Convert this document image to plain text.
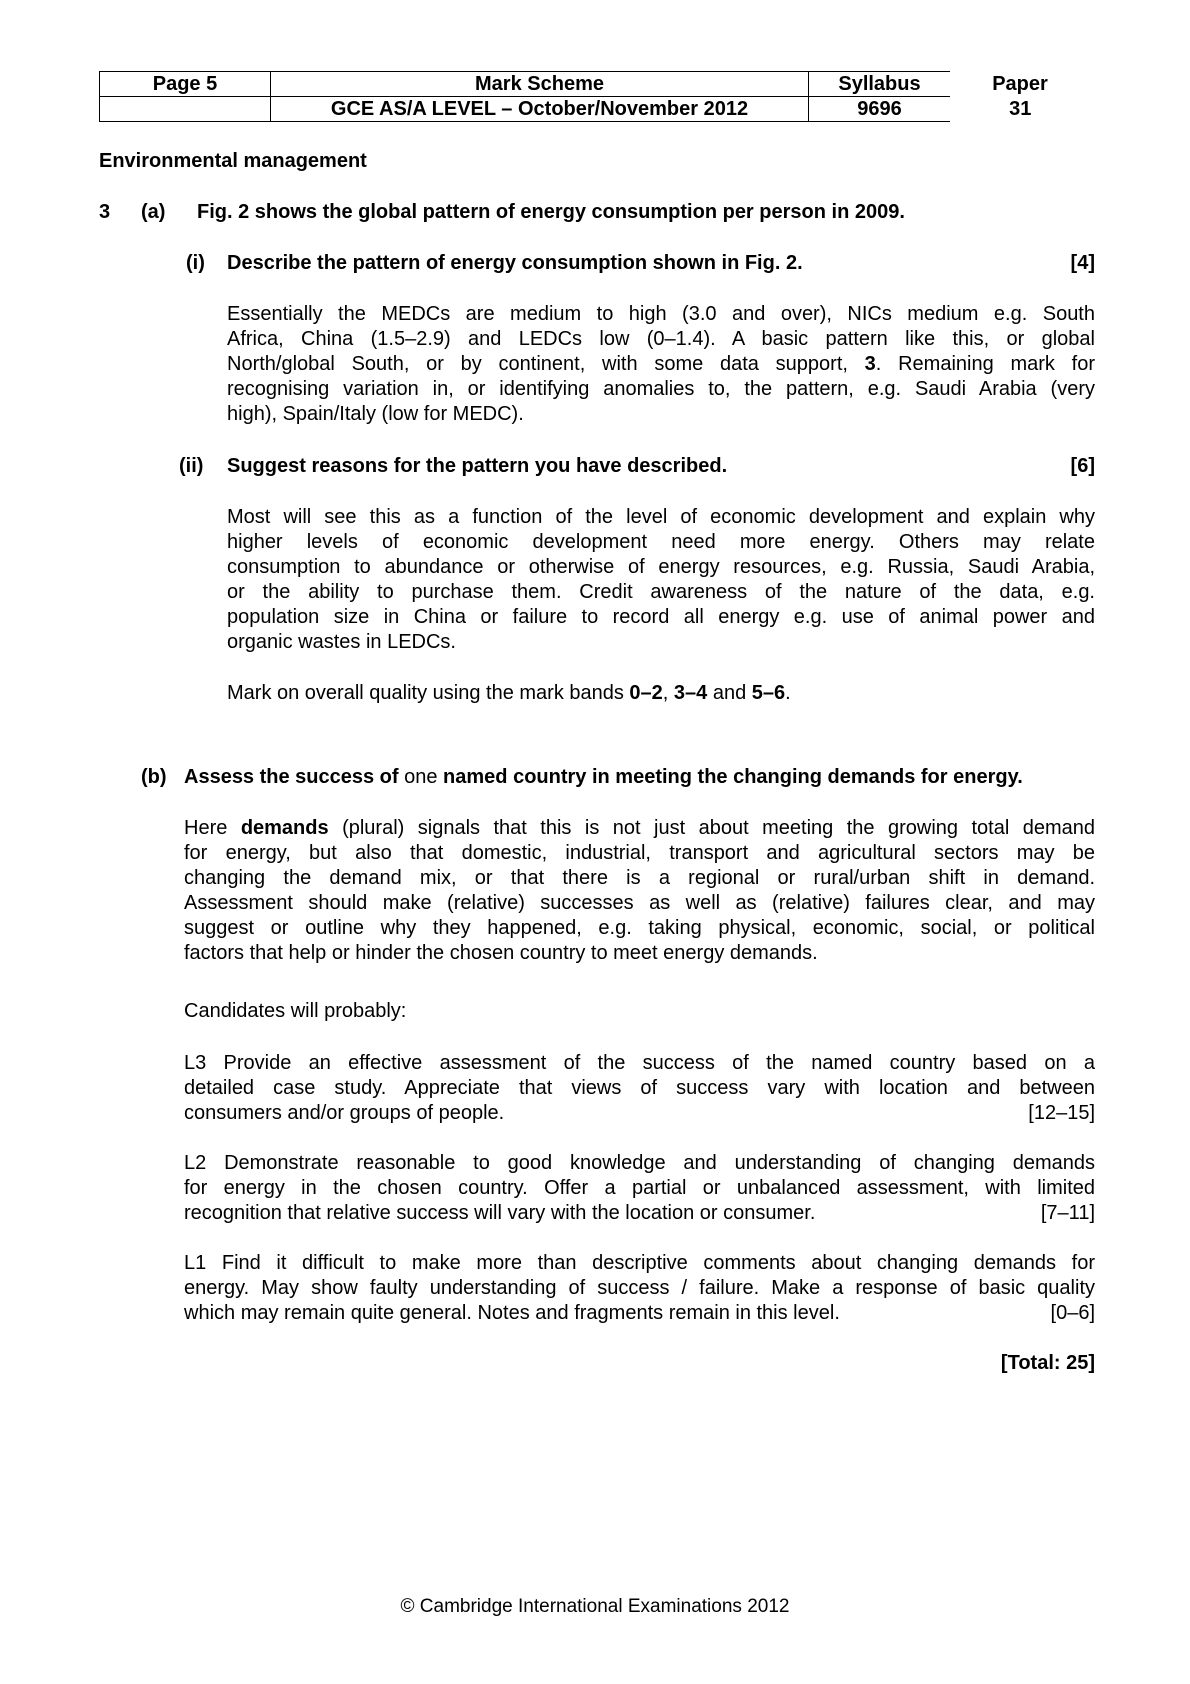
Page 5	Mark Scheme	Syllabus	Paper
	GCE AS/A LEVEL – October/November 2012	9696	31
Environmental management
3 (a) Fig. 2 shows the global pattern of energy consumption per person in 2009.
(i) Describe the pattern of energy consumption shown in Fig. 2.	[4]
Essentially the MEDCs are medium to high (3.0 and over), NICs medium e.g. South
Africa, China (1.5–2.9) and LEDCs low (0–1.4). A basic pattern like this, or global
North/global South, or by continent, with some data support, 3. Remaining mark for
recognising variation in, or identifying anomalies to, the pattern, e.g. Saudi Arabia (very
high), Spain/Italy (low for MEDC).
(ii) Suggest reasons for the pattern you have described.	[6]
Most will see this as a function of the level of economic development and explain why
higher levels of economic development need more energy. Others may relate
consumption to abundance or otherwise of energy resources, e.g. Russia, Saudi Arabia,
or the ability to purchase them. Credit awareness of the nature of the data, e.g.
population size in China or failure to record all energy e.g. use of animal power and
organic wastes in LEDCs.
Mark on overall quality using the mark bands 0–2, 3–4 and 5–6.
(b) Assess the success of one named country in meeting the changing demands for energy.
Here demands (plural) signals that this is not just about meeting the growing total demand
for energy, but also that domestic, industrial, transport and agricultural sectors may be
changing the demand mix, or that there is a regional or rural/urban shift in demand.
Assessment should make (relative) successes as well as (relative) failures clear, and may
suggest or outline why they happened, e.g. taking physical, economic, social, or political
factors that help or hinder the chosen country to meet energy demands.
Candidates will probably:
L3 Provide an effective assessment of the success of the named country based on a
detailed case study. Appreciate that views of success vary with location and between
consumers and/or groups of people.	[12–15]
L2 Demonstrate reasonable to good knowledge and understanding of changing demands
for energy in the chosen country. Offer a partial or unbalanced assessment, with limited
recognition that relative success will vary with the location or consumer.	[7–11]
L1 Find it difficult to make more than descriptive comments about changing demands for
energy. May show faulty understanding of success / failure. Make a response of basic quality
which may remain quite general. Notes and fragments remain in this level.	[0–6]
[Total: 25]
© Cambridge International Examinations 2012
